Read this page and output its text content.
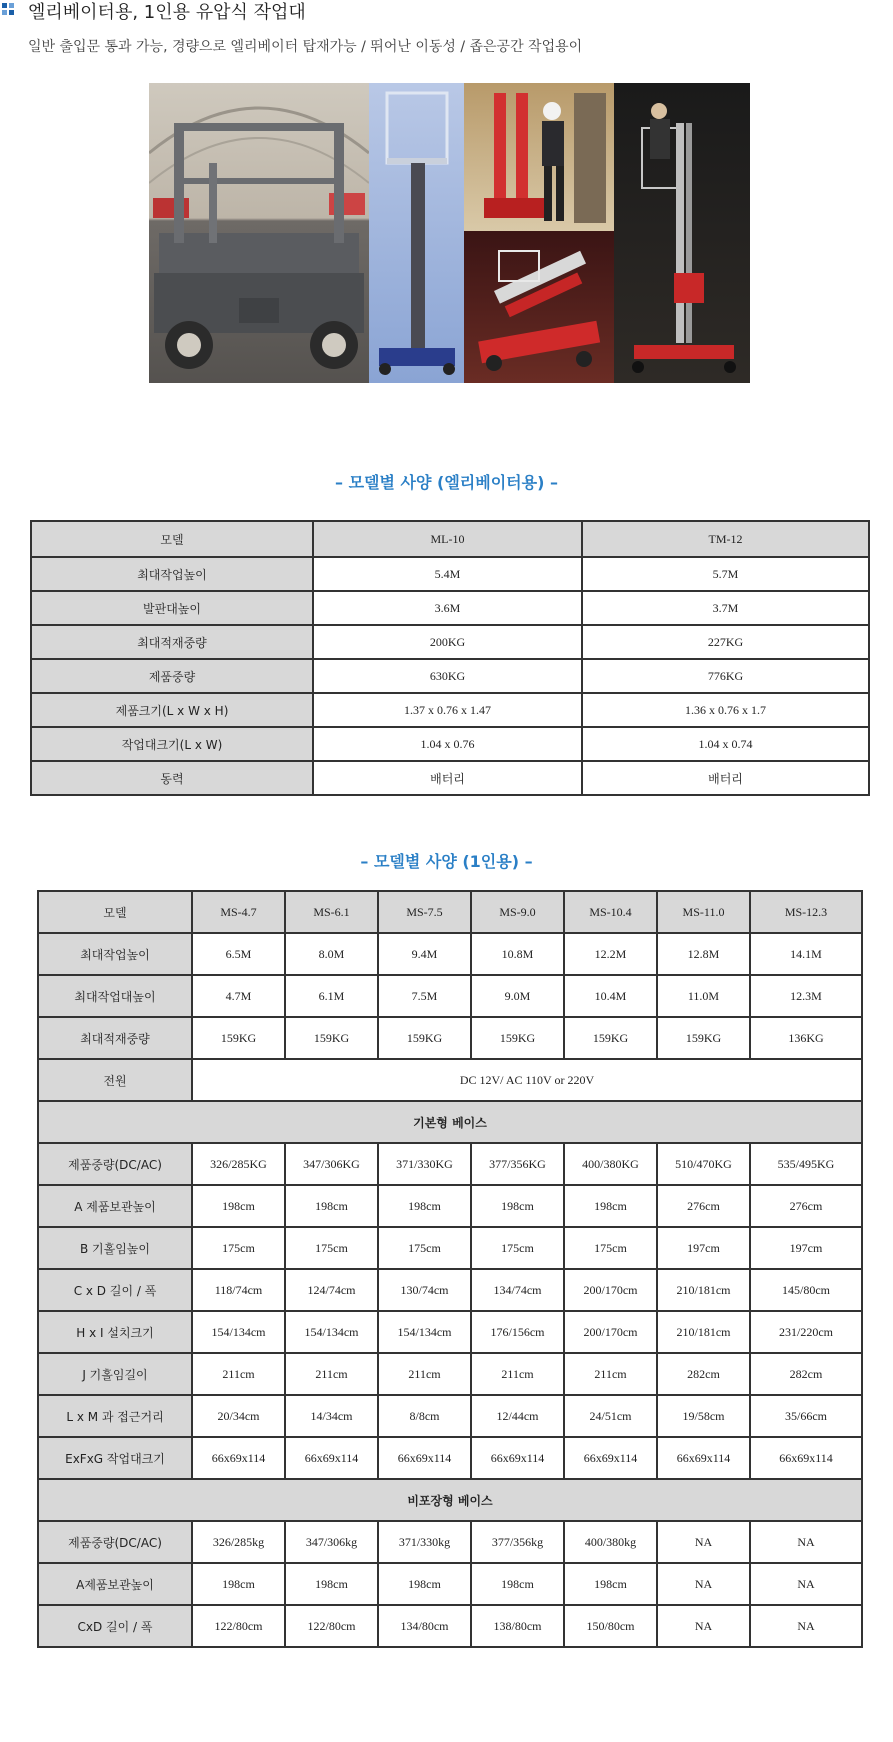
엘리베이터용, 1인용 유압식 작업대
일반 출입문 통과 가능, 경량으로 엘리베이터 탑재가능 / 뛰어난 이동성 / 좁은공간 작업용이
– 모델별 사양 (엘리베이터용) –
모델	ML-10	TM-12
최대작업높이	5.4M	5.7M
발판대높이	3.6M	3.7M
최대적재중량	200KG	227KG
제품중량	630KG	776KG
제품크기(L x W x H)	1.37 x 0.76 x 1.47	1.36 x 0.76 x 1.7
작업대크기(L x W)	1.04 x 0.76	1.04 x 0.74
동력	배터리	배터리
– 모델별 사양 (1인용) –
모델	MS-4.7	MS-6.1	MS-7.5	MS-9.0	MS-10.4	MS-11.0	MS-12.3
최대작업높이	6.5M	8.0M	9.4M	10.8M	12.2M	12.8M	14.1M
최대작업대높이	4.7M	6.1M	7.5M	9.0M	10.4M	11.0M	12.3M
최대적재중량	159KG	159KG	159KG	159KG	159KG	159KG	136KG
전원	DC 12V/ AC 110V or 220V						
기본형 베이스							
제품중량(DC/AC)	326/285KG	347/306KG	371/330KG	377/356KG	400/380KG	510/470KG	535/495KG
A 제품보관높이	198cm	198cm	198cm	198cm	198cm	276cm	276cm
B 기홀임높이	175cm	175cm	175cm	175cm	175cm	197cm	197cm
C x D 길이 / 폭	118/74cm	124/74cm	130/74cm	134/74cm	200/170cm	210/181cm	145/80cm
H x I 설치크기	154/134cm	154/134cm	154/134cm	176/156cm	200/170cm	210/181cm	231/220cm
J 기홀임길이	211cm	211cm	211cm	211cm	211cm	282cm	282cm
L x M 과 접근거리	20/34cm	14/34cm	8/8cm	12/44cm	24/51cm	19/58cm	35/66cm
ExFxG 작업대크기	66x69x114	66x69x114	66x69x114	66x69x114	66x69x114	66x69x114	66x69x114
비포장형 베이스							
제품중량(DC/AC)	326/285kg	347/306kg	371/330kg	377/356kg	400/380kg	NA	NA
A제품보관높이	198cm	198cm	198cm	198cm	198cm	NA	NA
CxD 길이 / 폭	122/80cm	122/80cm	134/80cm	138/80cm	150/80cm	NA	NA
